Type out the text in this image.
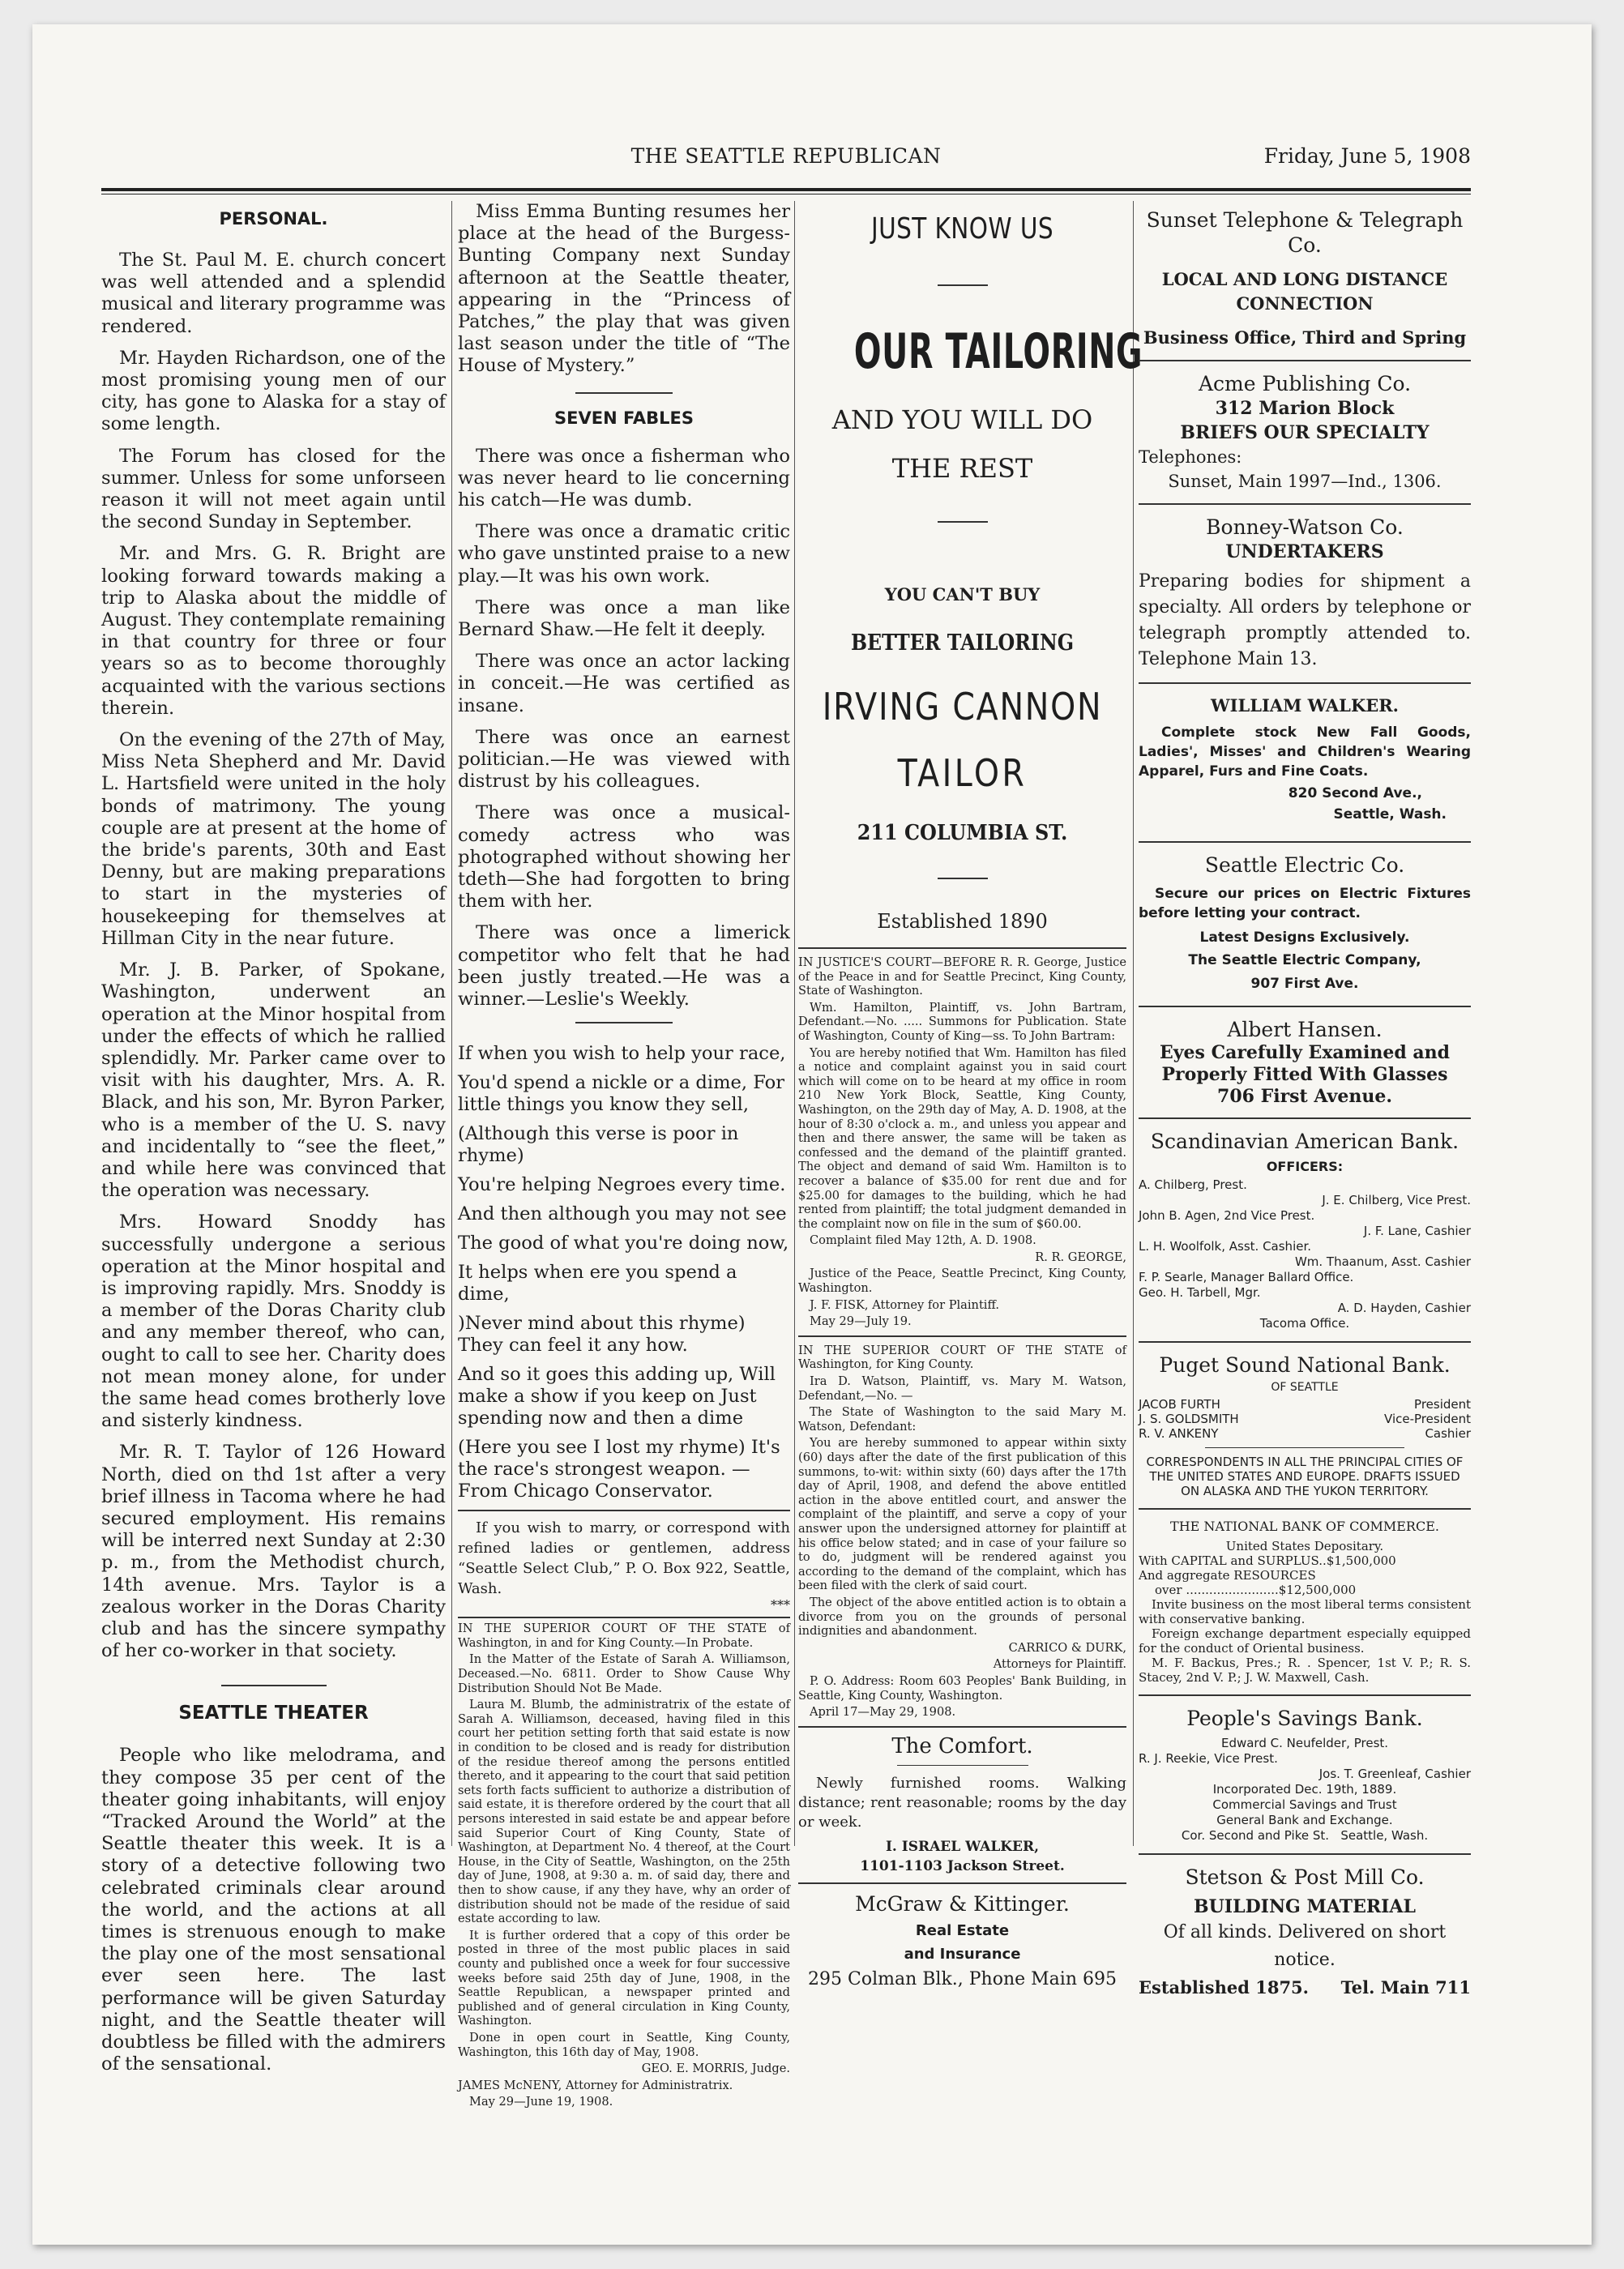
THE SEATTLE REPUBLICAN	Friday, June 5, 1908
PERSONAL.

The St. Paul M. E. church concert was well attended and a splendid musical and literary programme was rendered.

Mr. Hayden Richardson, one of the most promising young men of our city, has gone to Alaska for a stay of some length.

The Forum has closed for the summer. Unless for some unforseen reason it will not meet again until the second Sunday in September.

Mr. and Mrs. G. R. Bright are looking forward towards making a trip to Alaska about the middle of August. They contemplate remaining in that country for three or four years so as to become thoroughly acquainted with the various sections therein.

On the evening of the 27th of May, Miss Neta Shepherd and Mr. David L. Hartsfield were united in the holy bonds of matrimony. The young couple are at present at the home of the bride's parents, 30th and East Denny, but are making preparations to start in the mysteries of housekeeping for themselves at Hillman City in the near future.

Mr. J. B. Parker, of Spokane, Washington, underwent an operation at the Minor hospital from under the effects of which he rallied splendidly. Mr. Parker came over to visit with his daughter, Mrs. A. R. Black, and his son, Mr. Byron Parker, who is a member of the U. S. navy and incidentally to “see the fleet,” and while here was convinced that the operation was necessary.

Mrs. Howard Snoddy has successfully undergone a serious operation at the Minor hospital and is improving rapidly. Mrs. Snoddy is a member of the Doras Charity club and any member thereof, who can, ought to call to see her. Charity does not mean money alone, for under the same head comes brotherly love and sisterly kindness.

Mr. R. T. Taylor of 126 Howard North, died on thd 1st after a very brief illness in Tacoma where he had secured employment. His remains will be interred next Sunday at 2:30 p. m., from the Methodist church, 14th avenue. Mrs. Taylor is a zealous worker in the Doras Charity club and has the sincere sympathy of her co-worker in that society.

SEATTLE THEATER

People who like melodrama, and they compose 35 per cent of the theater going inhabitants, will enjoy “Tracked Around the World” at the Seattle theater this week. It is a story of a detective following two celebrated criminals clear around the world, and the actions at all times is strenuous enough to make the play one of the most sensational ever seen here. The last performance will be given Saturday night, and the Seattle theater will doubtless be filled with the admirers of the sensational.

Miss Emma Bunting resumes her place at the head of the Burgess-Bunting Company next Sunday afternoon at the Seattle theater, appearing in the “Princess of Patches,” the play that was given last season under the title of “The House of Mystery.”

SEVEN FABLES

There was once a fisherman who was never heard to lie concerning his catch—He was dumb.

There was once a dramatic critic who gave unstinted praise to a new play.—It was his own work.

There was once a man like Bernard Shaw.—He felt it deeply.

There was once an actor lacking in conceit.—He was certified as insane.

There was once an earnest politician.—He was viewed with distrust by his colleagues.

There was once a musical-comedy actress who was photographed without showing her tdeth—She had forgotten to bring them with her.

There was once a limerick competitor who felt that he had been justly treated.—He was a winner.—Leslie's Weekly.

If when you wish to help your race,
You'd spend a nickle or a dime, For little things you know they sell,
(Although this verse is poor in rhyme)
You're helping Negroes every time.
And then although you may not see
The good of what you're doing now,
It helps when ere you spend a dime,
)Never mind about this rhyme) They can feel it any how.
And so it goes this adding up, Will make a show if you keep on Just spending now and then a dime
(Here you see I lost my rhyme) It's the race's strongest weapon. —From Chicago Conservator.

If you wish to marry, or correspond with refined ladies or gentlemen, address “Seattle Select Club,” P. O. Box 922, Seattle, Wash.

***

IN THE SUPERIOR COURT OF THE STATE of Washington, in and for King County.—In Probate.

In the Matter of the Estate of Sarah A. Williamson, Deceased.—No. 6811. Order to Show Cause Why Distribution Should Not Be Made.

Laura M. Blumb, the administratrix of the estate of Sarah A. Williamson, deceased, having filed in this court her petition setting forth that said estate is now in condition to be closed and is ready for distribution of the residue thereof among the persons entitled thereto, and it appearing to the court that said petition sets forth facts sufficient to authorize a distribution of said estate, it is therefore ordered by the court that all persons interested in said estate be and appear before said Superior Court of King County, State of Washington, at Department No. 4 thereof, at the Court House, in the City of Seattle, Washington, on the 25th day of June, 1908, at 9:30 a. m. of said day, there and then to show cause, if any they have, why an order of distribution should not be made of the residue of said estate according to law.

It is further ordered that a copy of this order be posted in three of the most public places in said county and published once a week for four successive weeks before said 25th day of June, 1908, in the Seattle Republican, a newspaper printed and published and of general circulation in King County, Washington.

Done in open court in Seattle, King County, Washington, this 16th day of May, 1908.

GEO. E. MORRIS, Judge.

JAMES McNENY, Attorney for Administratrix.

May 29—June 19, 1908.

JUST KNOW US
OUR TAILORING
AND YOU WILL DO
THE REST
YOU CAN'T BUY
BETTER TAILORING
IRVING CANNON
TAILOR
211 COLUMBIA ST.
Established 1890

IN JUSTICE'S COURT—BEFORE R. R. George, Justice of the Peace in and for Seattle Precinct, King County, State of Washington.

Wm. Hamilton, Plaintiff, vs. John Bartram, Defendant.—No. ..... Summons for Publication. State of Washington, County of King—ss. To John Bartram:

You are hereby notified that Wm. Hamilton has filed a notice and complaint against you in said court which will come on to be heard at my office in room 210 New York Block, Seattle, King County, Washington, on the 29th day of May, A. D. 1908, at the hour of 8:30 o'clock a. m., and unless you appear and then and there answer, the same will be taken as confessed and the demand of the plaintiff granted. The object and demand of said Wm. Hamilton is to recover a balance of $35.00 for rent due and for $25.00 for damages to the building, which he had rented from plaintiff; the total judgment demanded in the complaint now on file in the sum of $60.00.

Complaint filed May 12th, A. D. 1908.

R. R. GEORGE,

Justice of the Peace, Seattle Precinct, King County, Washington.

J. F. FISK, Attorney for Plaintiff.

May 29—July 19.

IN THE SUPERIOR COURT OF THE STATE of Washington, for King County.

Ira D. Watson, Plaintiff, vs. Mary M. Watson, Defendant,—No. —

The State of Washington to the said Mary M. Watson, Defendant:

You are hereby summoned to appear within sixty (60) days after the date of the first publication of this summons, to-wit: within sixty (60) days after the 17th day of April, 1908, and defend the above entitled action in the above entitled court, and answer the complaint of the plaintiff, and serve a copy of your answer upon the undersigned attorney for plaintiff at his office below stated; and in case of your failure so to do, judgment will be rendered against you according to the demand of the complaint, which has been filed with the clerk of said court.

The object of the above entitled action is to obtain a divorce from you on the grounds of personal indignities and abandonment.

CARRICO & DURK,

Attorneys for Plaintiff.

P. O. Address: Room 603 Peoples' Bank Building, in Seattle, King County, Washington.

April 17—May 29, 1908.

The Comfort.

Newly furnished rooms. Walking distance; rent reasonable; rooms by the day or week.

I. ISRAEL WALKER,
1101-1103 Jackson Street.
McGraw & Kittinger.
Real Estate
and Insurance
295 Colman Blk., Phone Main 695
Sunset Telephone & Telegraph Co.
LOCAL AND LONG DISTANCE CONNECTION
Business Office, Third and Spring
Acme Publishing Co.
312 Marion Block
BRIEFS OUR SPECIALTY
Telephones:
Sunset, Main 1997—Ind., 1306.
Bonney-Watson Co.
UNDERTAKERS

Preparing bodies for shipment a specialty. All orders by telephone or telegraph promptly attended to. Telephone Main 13.

WILLIAM WALKER.

Complete stock New Fall Goods, Ladies', Misses' and Children's Wearing Apparel, Furs and Fine Coats.

820 Second Ave.,
Seattle, Wash.
Seattle Electric Co.

Secure our prices on Electric Fixtures before letting your contract.

Latest Designs Exclusively.
The Seattle Electric Company,
907 First Ave.
Albert Hansen.
Eyes Carefully Examined and
Properly Fitted With Glasses
706 First Avenue.
Scandinavian American Bank.
OFFICERS:
A. Chilberg, Prest.
J. E. Chilberg, Vice Prest.
John B. Agen, 2nd Vice Prest.
J. F. Lane, Cashier
L. H. Woolfolk, Asst. Cashier.
Wm. Thaanum, Asst. Cashier
F. P. Searle, Manager Ballard Office.
Geo. H. Tarbell, Mgr.
A. D. Hayden, Cashier
Tacoma Office.
Puget Sound National Bank.
OF SEATTLE
JACOB FURTH	President
J. S. GOLDSMITH	Vice-President
R. V. ANKENY	Cashier
CORRESPONDENTS IN ALL THE PRINCIPAL CITIES OF THE UNITED STATES AND EUROPE. DRAFTS ISSUED ON ALASKA AND THE YUKON TERRITORY.
THE NATIONAL BANK OF COMMERCE.
United States Depositary.
With CAPITAL and SURPLUS..$1,500,000
And aggregate RESOURCES
over ........................$12,500,000

Invite business on the most liberal terms consistent with conservative banking.

Foreign exchange department especially equipped for the conduct of Oriental business.

M. F. Backus, Pres.; R. . Spencer, 1st V. P.; R. S. Stacey, 2nd V. P.; J. W. Maxwell, Cash.

People's Savings Bank.
Edward C. Neufelder, Prest.
R. J. Reekie, Vice Prest.
Jos. T. Greenleaf, Cashier
Incorporated Dec. 19th, 1889.
Commercial Savings and Trust
General Bank and Exchange.
Cor. Second and Pike St.   Seattle, Wash.
Stetson & Post Mill Co.
BUILDING MATERIAL
Of all kinds. Delivered on short notice.
Established 1875. Tel. Main 711
